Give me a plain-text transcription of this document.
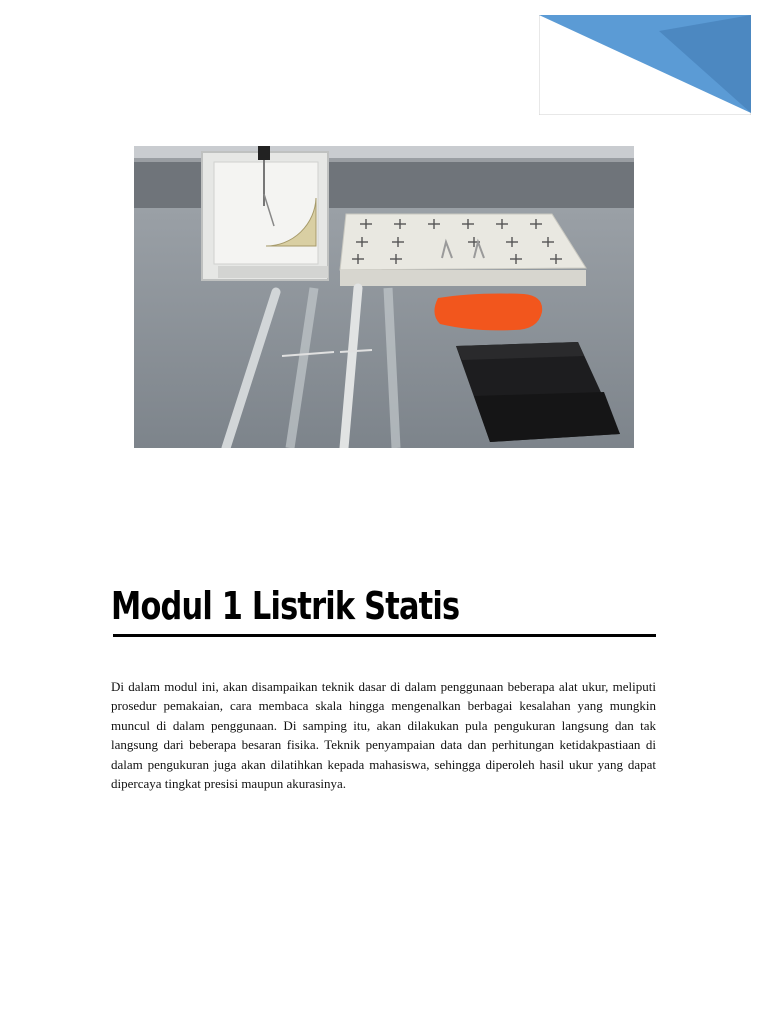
Modul 1 Listrik Statis

Di dalam modul ini, akan disampaikan teknik dasar di dalam penggunaan beberapa alat ukur, meliputi prosedur pemakaian, cara membaca skala hingga mengenalkan berbagai kesalahan yang mungkin muncul di dalam penggunaan. Di samping itu, akan dilakukan pula pengukuran langsung dan tak langsung dari beberapa besaran fisika. Teknik penyampaian data dan perhitungan ketidakpastiaan di dalam pengukuran juga akan dilatihkan kepada mahasiswa, sehingga diperoleh hasil ukur yang dapat dipercaya tingkat presisi maupun akurasinya.
